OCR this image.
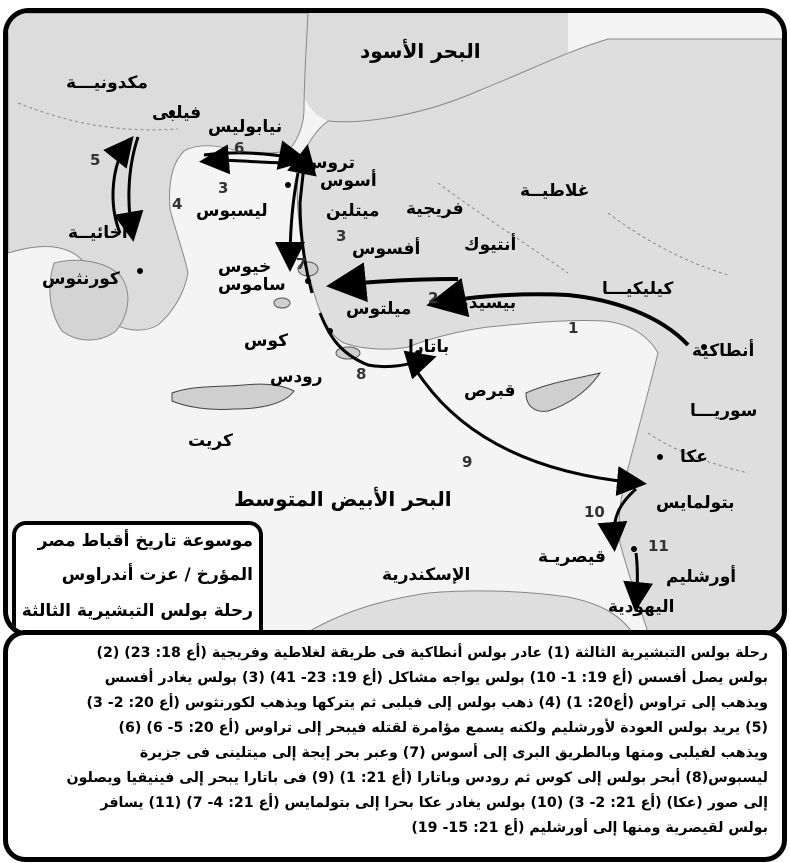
البحر الأسود
البحر الأبيض المتوسط
مكدونيـــة
فيلبى
نيابوليس
تروس
أسوس	غلاطيــة
فريجية
ميتلين
ليسبوس
أخائيــة
أنتيوك
أفسوس
خيوس
ساموس
كورنثوس	كيليكيـــا
بيسيديا
ميلتوس
كوس	باتارا	أنطاكية
رودس
قبرص
سوريـــا
كريت
عكا
بتولمايس
قيصريـة
أورشليم
الإسكندرية
اليهودية
1
2
3
3
4
5
6
7
8
9
10
11
موسوعة تاريخ أقباط مصر
المؤرخ / عزت أندراوس
رحلة بولس التبشيرية الثالثة
رحلة بولس التبشيرية الثالثة (1) عادر بولس أنطاكية فى طريقة لغلاطية وفريجية (أع 18: 23) (2)
بولس يصل أفسس (أع 19: 1- 10) بولس يواجه مشاكل (أع 19: 23- 41) (3) بولس يغادر أفسس
ويذهب إلى تراوس (أع20: 1) (4) ذهب بولس إلى فيلبى ثم يتركها ويذهب لكورنثوس (أع 20: 2- 3)
(5) يريد بولس العودة لأورشليم ولكنه يسمع مؤامرة لقتله فيبحر إلى تراوس (أع 20: 5- 6) (6)
ويذهب لفيلبى ومنها وبالطريق البرى إلى أسوس (7) وعبر بحر إيجة إلى ميتلينى فى جزيرة
ليسبوس(8) أبحر بولس إلى كوس ثم رودس وباتارا (أع 21: 1) (9) فى باتارا يبحر إلى فينيقيا ويصلون
إلى صور (عكا) (أع 21: 2- 3) (10) بولس يغادر عكا بحرا إلى بتولمايس (أع 21: 4- 7) (11) يسافر
بولس لقيصرية ومنها إلى أورشليم (أع 21: 15- 19)
